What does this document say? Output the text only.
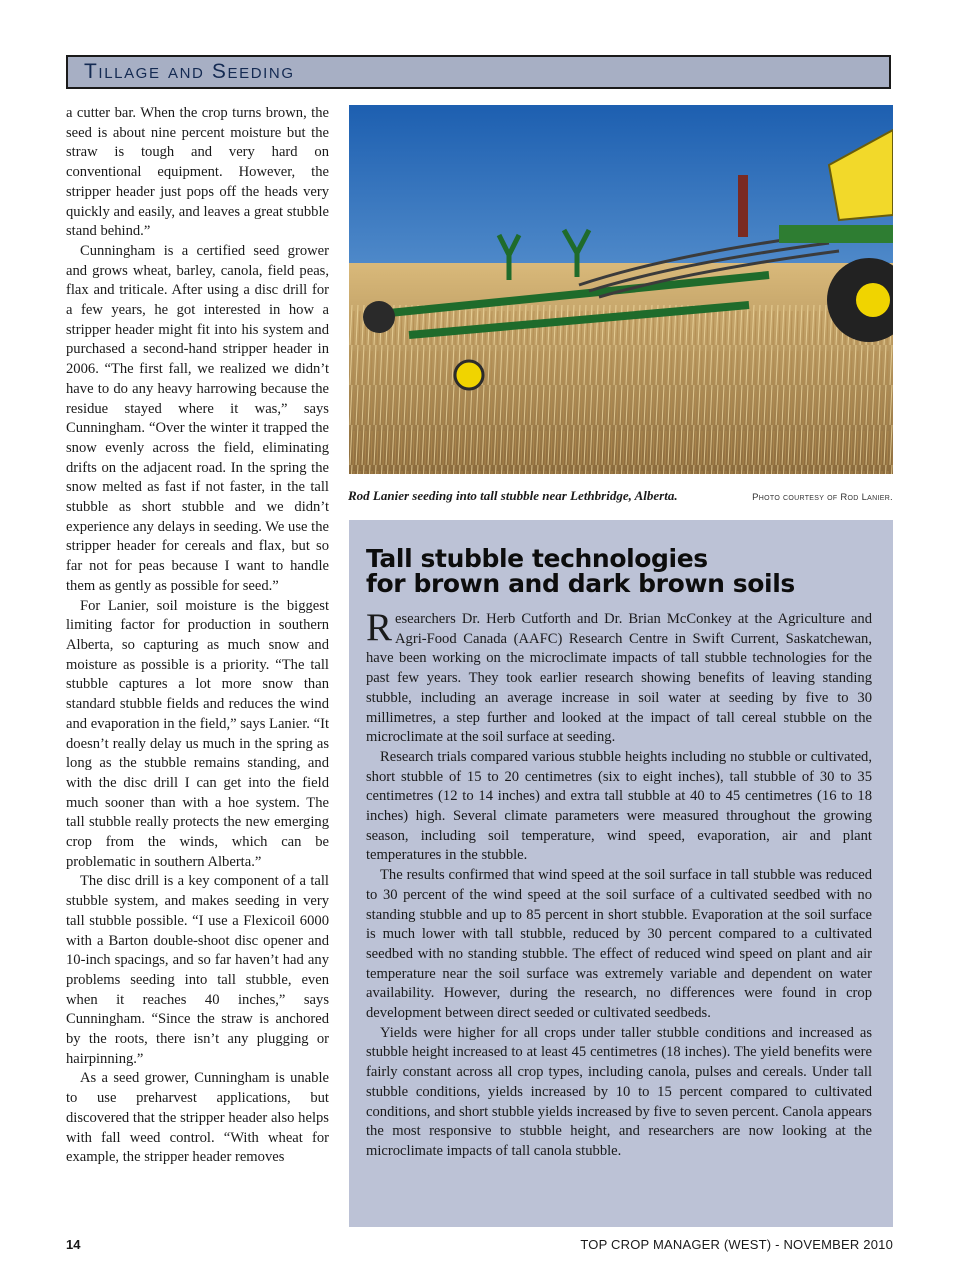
Tillage and Seeding

a cutter bar. When the crop turns brown, the seed is about nine percent moisture but the straw is tough and very hard on conventional equipment. However, the stripper header just pops off the heads very quickly and easily, and leaves a great stubble stand behind.”

Cunningham is a certified seed grower and grows wheat, barley, canola, field peas, flax and triticale. After using a disc drill for a few years, he got interested in how a stripper header might fit into his system and purchased a second-hand stripper header in 2006. “The first fall, we realized we didn’t have to do any heavy harrowing because the residue stayed where it was,” says Cunningham. “Over the winter it trapped the snow evenly across the field, eliminating drifts on the adjacent road. In the spring the snow melted as fast if not faster, in the tall stubble as short stubble and we didn’t experience any delays in seeding. We use the stripper header for cereals and flax, but so far not for peas because I want to handle them as gently as possible for seed.”

For Lanier, soil moisture is the biggest limiting factor for production in southern Alberta, so capturing as much snow and moisture as possible is a priority. “The tall stubble captures a lot more snow than standard stubble fields and reduces the wind and evaporation in the field,” says Lanier. “It doesn’t really delay us much in the spring as long as the stubble remains standing, and with the disc drill I can get into the field much sooner than with a hoe system. The tall stubble really protects the new emerging crop from the winds, which can be problematic in southern Alberta.”

The disc drill is a key component of a tall stubble system, and makes seeding in very tall stubble possible. “I use a Flexicoil 6000 with a Barton double-shoot disc opener and 10-inch spacings, and so far haven’t had any problems seeding into tall stubble, even when it reaches 40 inches,” says Cunningham. “Since the straw is anchored by the roots, there isn’t any plugging or hairpinning.”

As a seed grower, Cunningham is unable to use preharvest applications, but discovered that the stripper header also helps with fall weed control. “With wheat for example, the stripper header removes

Rod Lanier seeding into tall stubble near Lethbridge, Alberta.	Photo courtesy of Rod Lanier.
Tall stubble technologies
for brown and dark brown soils

Researchers Dr. Herb Cutforth and Dr. Brian McConkey at the Agriculture and Agri-Food Canada (AAFC) Research Centre in Swift Current, Saskatchewan, have been working on the microclimate impacts of tall stubble technologies for the past few years. They took earlier research showing benefits of leaving standing stubble, including an average increase in soil water at seeding by five to 30 millimetres, a step further and looked at the impact of tall cereal stubble on the microclimate at the soil surface at seeding.

Research trials compared various stubble heights including no stubble or cultivated, short stubble of 15 to 20 centimetres (six to eight inches), tall stubble of 30 to 35 centimetres (12 to 14 inches) and extra tall stubble at 40 to 45 centimetres (16 to 18 inches) high. Several climate parameters were measured throughout the growing season, including soil temperature, wind speed, evaporation, air and plant temperatures in the stubble.

The results confirmed that wind speed at the soil surface in tall stubble was reduced to 30 percent of the wind speed at the soil surface of a cultivated seedbed with no standing stubble and up to 85 percent in short stubble. Evaporation at the soil surface is much lower with tall stubble, reduced by 30 percent compared to a cultivated seedbed with no standing stubble. The effect of reduced wind speed on plant and air temperature near the soil surface was extremely variable and dependent on water availability. However, during the research, no differences were found in crop development between direct seeded or cultivated seedbeds.

Yields were higher for all crops under taller stubble conditions and increased as stubble height increased to at least 45 centimetres (18 inches). The yield benefits were fairly constant across all crop types, including canola, pulses and cereals. Under tall stubble conditions, yields increased by 10 to 15 percent compared to cultivated conditions, and short stubble yields increased by five to seven percent. Canola appears the most responsive to stubble height, and researchers are now looking at the microclimate impacts of tall canola stubble.

14	TOP CROP MANAGER (WEST) - NOVEMBER 2010
